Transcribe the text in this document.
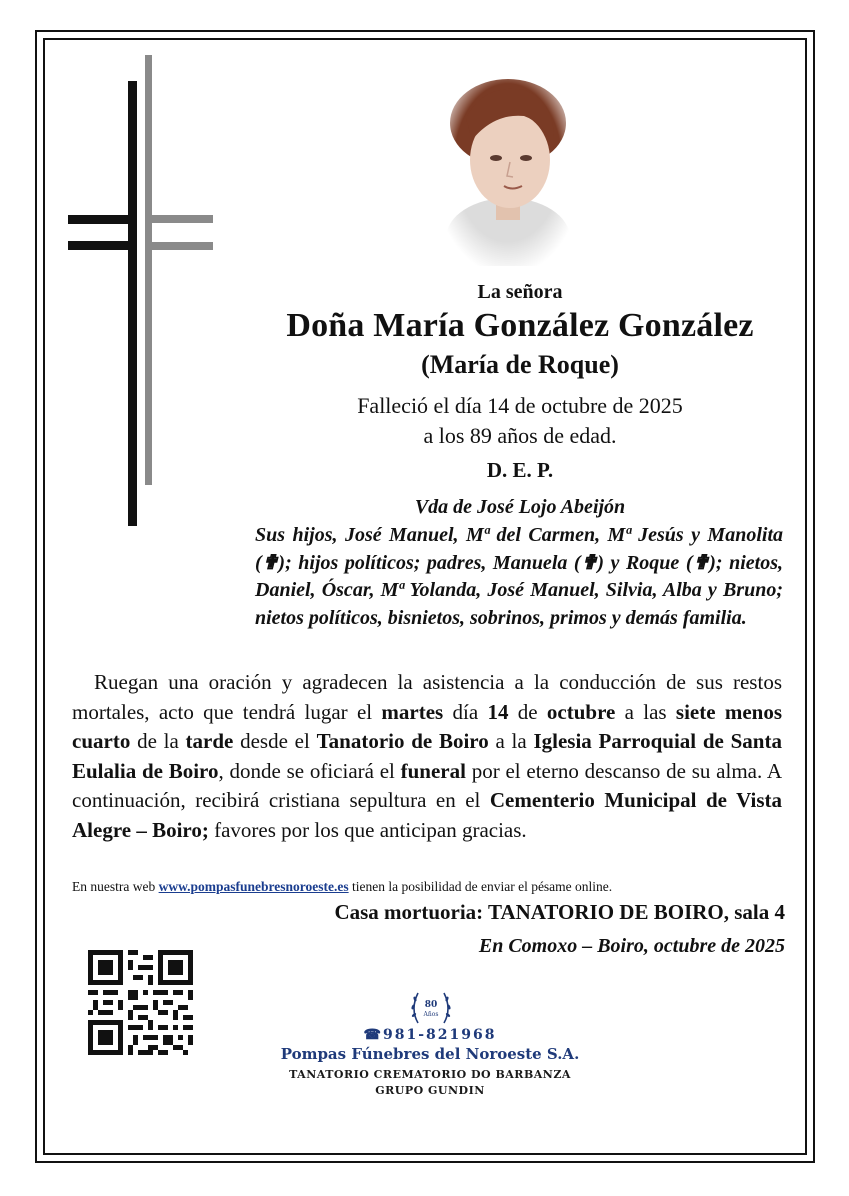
La señora
Doña María González González
(María de Roque)
Falleció el día 14 de octubre de 2025
a los 89 años de edad.
D. E. P.
Vda de José Lojo Abeijón
Sus hijos, José Manuel, Mª del Carmen, Mª Jesús y Manolita (✟); hijos políticos; padres, Manuela (✟) y Roque (✟); nietos, Daniel, Óscar, Mª Yolanda, José Manuel, Silvia, Alba y Bruno; nietos políticos, bisnietos, sobrinos, primos y demás familia.
Ruegan una oración y agradecen la asistencia a la conducción de sus restos mortales, acto que tendrá lugar el martes día 14 de octubre a las siete menos cuarto de la tarde desde el Tanatorio de Boiro a la Iglesia Parroquial de Santa Eulalia de Boiro, donde se oficiará el funeral por el eterno descanso de su alma. A continuación, recibirá cristiana sepultura en el Cementerio Municipal de Vista Alegre – Boiro; favores por los que anticipan gracias.
En nuestra web www.pompasfunebresnoroeste.es tienen la posibilidad de enviar el pésame online.
Casa mortuoria: TANATORIO DE BOIRO, sala 4
En Comoxo – Boiro, octubre de 2025
80
Años
☎981-821968
Pompas Fúnebres del Noroeste S.A.
TANATORIO CREMATORIO DO BARBANZA
GRUPO GUNDIN
